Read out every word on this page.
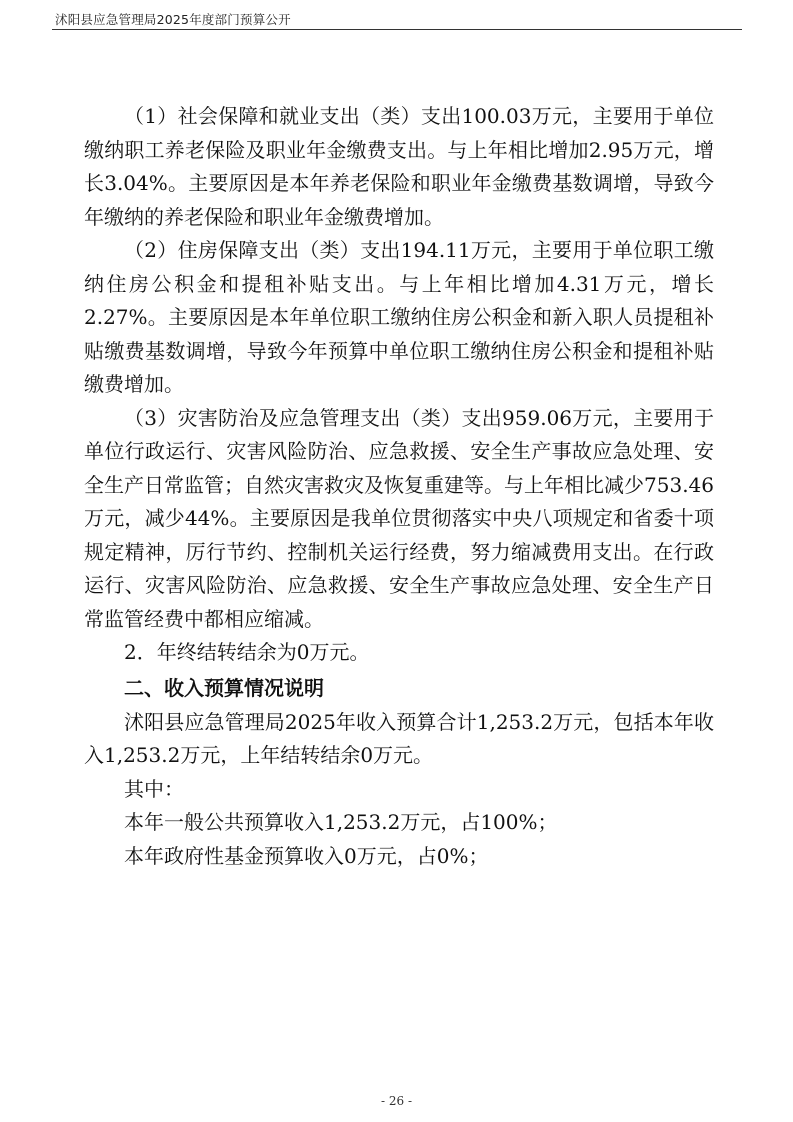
沭阳县应急管理局2025年度部门预算公开

（1）社会保障和就业支出（类）支出100.03万元，主要用于单位缴纳职工养老保险及职业年金缴费支出。与上年相比增加2.95万元，增长3.04%。主要原因是本年养老保险和职业年金缴费基数调增，导致今年缴纳的养老保险和职业年金缴费增加。

（2）住房保障支出（类）支出194.11万元，主要用于单位职工缴纳住房公积金和提租补贴支出。与上年相比增加4.31万元，增长2.27%。主要原因是本年单位职工缴纳住房公积金和新入职人员提租补贴缴费基数调增，导致今年预算中单位职工缴纳住房公积金和提租补贴缴费增加。

（3）灾害防治及应急管理支出（类）支出959.06万元，主要用于单位行政运行、灾害风险防治、应急救援、安全生产事故应急处理、安全生产日常监管；自然灾害救灾及恢复重建等。与上年相比减少753.46万元，减少44%。主要原因是我单位贯彻落实中央八项规定和省委十项规定精神，厉行节约、控制机关运行经费，努力缩减费用支出。在行政运行、灾害风险防治、应急救援、安全生产事故应急处理、安全生产日常监管经费中都相应缩减。

2．年终结转结余为0万元。

二、收入预算情况说明

沭阳县应急管理局2025年收入预算合计1,253.2万元，包括本年收入1,253.2万元，上年结转结余0万元。

其中：

本年一般公共预算收入1,253.2万元，占100%；

本年政府性基金预算收入0万元，占0%；

- 26 -
